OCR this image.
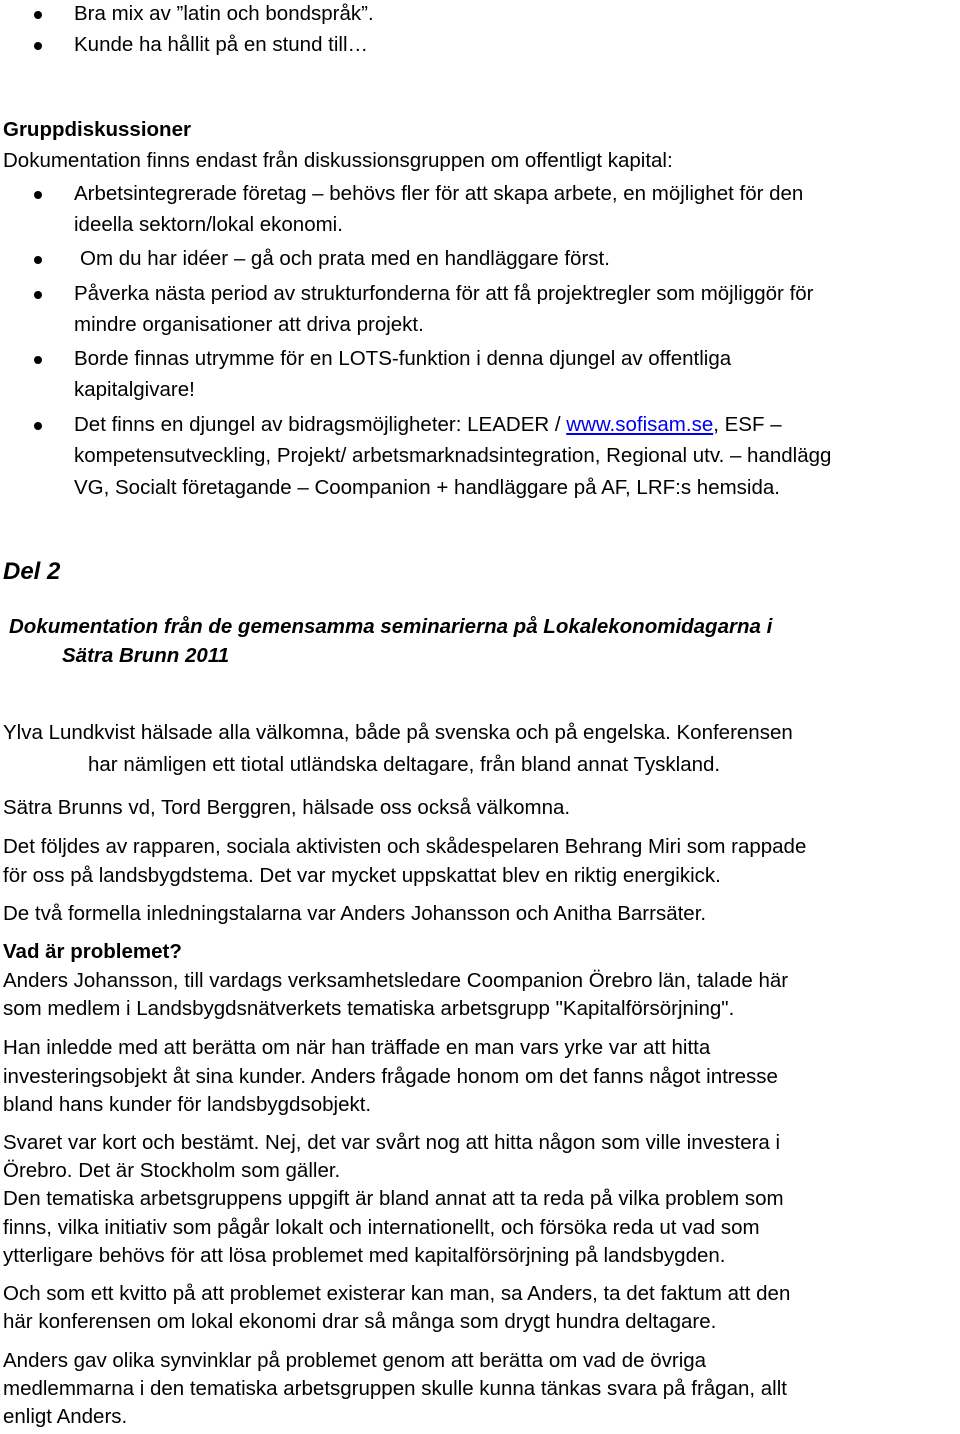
Bra mix av ”latin och bondspråk”.
Kunde ha hållit på en stund till…
Gruppdiskussioner
Dokumentation finns endast från diskussionsgruppen om offentligt kapital:
Arbetsintegrerade företag – behövs fler för att skapa arbete, en möjlighet för den
ideella sektorn/lokal ekonomi.
Om du har idéer – gå och prata med en handläggare först.
Påverka nästa period av strukturfonderna för att få projektregler som möjliggör för
mindre organisationer att driva projekt.
Borde finnas utrymme för en LOTS-funktion i denna djungel av offentliga
kapitalgivare!
Det finns en djungel av bidragsmöjligheter: LEADER / www.sofisam.se, ESF –
kompetensutveckling, Projekt/ arbetsmarknadsintegration, Regional utv. – handlägg
VG, Socialt företagande – Coompanion + handläggare på AF, LRF:s hemsida.
Del 2
Dokumentation från de gemensamma seminarierna på Lokalekonomidagarna i
Sätra Brunn 2011
Ylva Lundkvist hälsade alla välkomna, både på svenska och på engelska. Konferensen
har nämligen ett tiotal utländska deltagare, från bland annat Tyskland.
Sätra Brunns vd, Tord Berggren, hälsade oss också välkomna.
Det följdes av rapparen, sociala aktivisten och skådespelaren Behrang Miri som rappade
för oss på landsbygdstema. Det var mycket uppskattat blev en riktig energikick.
De två formella inledningstalarna var Anders Johansson och Anitha Barrsäter.
Vad är problemet?
Anders Johansson, till vardags verksamhetsledare Coompanion Örebro län, talade här
som medlem i Landsbygdsnätverkets tematiska arbetsgrupp "Kapitalförsörjning".
Han inledde med att berätta om när han träffade en man vars yrke var att hitta
investeringsobjekt åt sina kunder. Anders frågade honom om det fanns något intresse
bland hans kunder för landsbygdsobjekt.
Svaret var kort och bestämt. Nej, det var svårt nog att hitta någon som ville investera i
Örebro. Det är Stockholm som gäller.
Den tematiska arbetsgruppens uppgift är bland annat att ta reda på vilka problem som
finns, vilka initiativ som pågår lokalt och internationellt, och försöka reda ut vad som
ytterligare behövs för att lösa problemet med kapitalförsörjning på landsbygden.
Och som ett kvitto på att problemet existerar kan man, sa Anders, ta det faktum att den
här konferensen om lokal ekonomi drar så många som drygt hundra deltagare.
Anders gav olika synvinklar på problemet genom att berätta om vad de övriga
medlemmarna i den tematiska arbetsgruppen skulle kunna tänkas svara på frågan, allt
enligt Anders.
